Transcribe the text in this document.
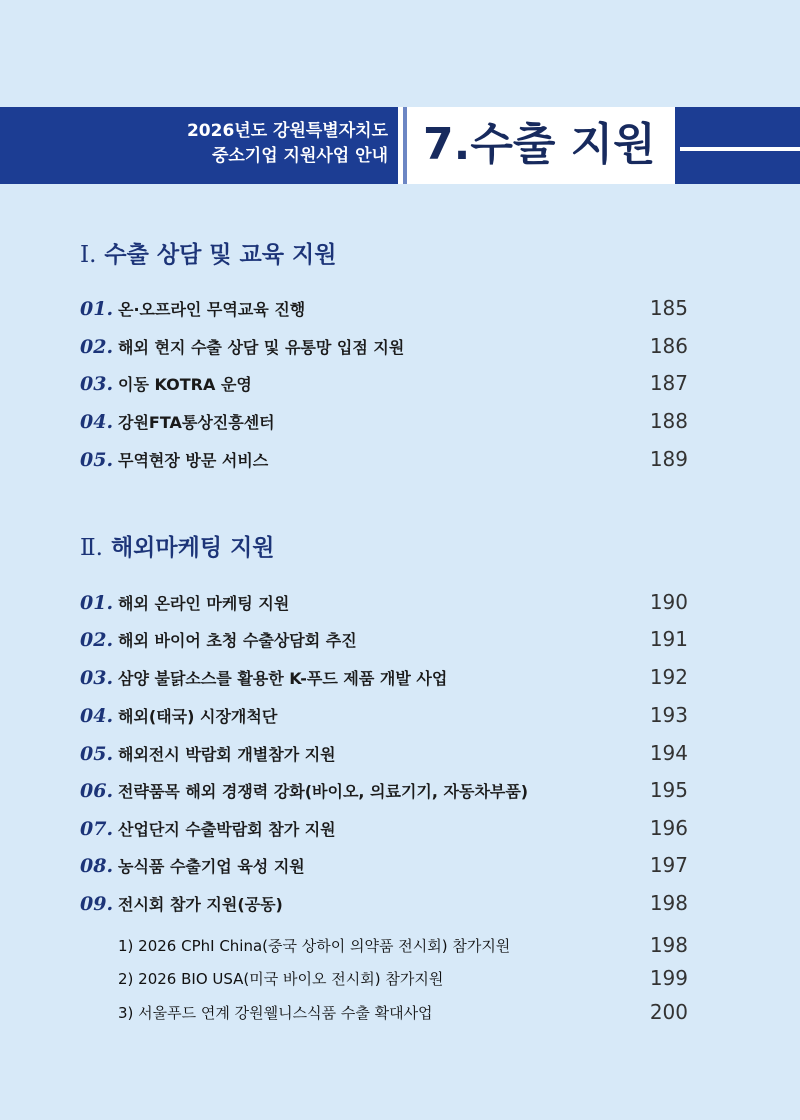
2026년도 강원특별자치도
중소기업 지원사업 안내 7.수출 지원
Ⅰ. 수출 상담 및 교육 지원
01. 온·오프라인 무역교육 진행	185
02. 해외 현지 수출 상담 및 유통망 입점 지원	186
03. 이동 KOTRA 운영	187
04. 강원FTA통상진흥센터	188
05. 무역현장 방문 서비스	189
Ⅱ. 해외마케팅 지원
01. 해외 온라인 마케팅 지원	190
02. 해외 바이어 초청 수출상담회 추진	191
03. 삼양 불닭소스를 활용한 K-푸드 제품 개발 사업	192
04. 해외(태국) 시장개척단	193
05. 해외전시 박람회 개별참가 지원	194
06. 전략품목 해외 경쟁력 강화(바이오, 의료기기, 자동차부품)	195
07. 산업단지 수출박람회 참가 지원	196
08. 농식품 수출기업 육성 지원	197
09. 전시회 참가 지원(공동)	198
1) 2026 CPhI China(중국 상하이 의약품 전시회) 참가지원	198
2) 2026 BIO USA(미국 바이오 전시회) 참가지원	199
3) 서울푸드 연계 강원웰니스식품 수출 확대사업	200
